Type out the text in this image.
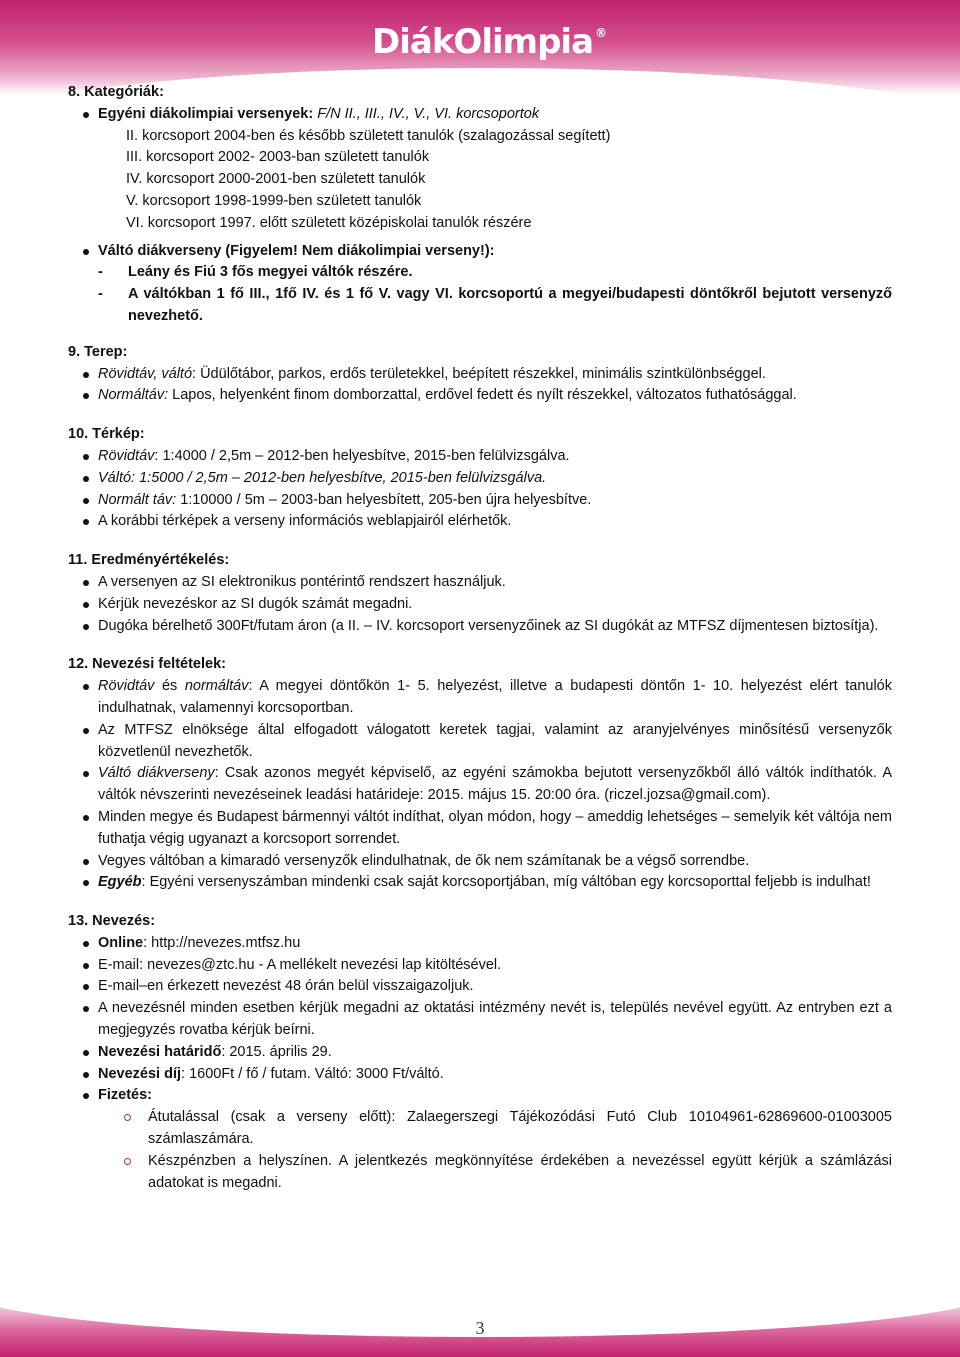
DiákOlimpia ®
8. Kategóriák:
Egyéni diákolimpiai versenyek: F/N II., III., IV., V., VI. korcsoportok
II. korcsoport 2004-ben és később született tanulók (szalagozással segített)
III. korcsoport 2002- 2003-ban született tanulók
IV. korcsoport 2000-2001-ben született tanulók
V. korcsoport 1998-1999-ben született tanulók
VI. korcsoport 1997. előtt született középiskolai tanulók részére
Váltó diákverseny (Figyelem! Nem diákolimpiai verseny!):
- Leány és Fiú 3 fős megyei váltók részére.
- A váltókban 1 fő III., 1fő IV. és 1 fő V. vagy VI. korcsoportú a megyei/budapesti döntőkről bejutott versenyző nevezhető.
9. Terep:
Rövidtáv, váltó: Üdülőtábor, parkos, erdős területekkel, beépített részekkel, minimális szintkülönbséggel.
Normáltáv: Lapos, helyenként finom domborzattal, erdővel fedett és nyílt részekkel, változatos futhatósággal.
10. Térkép:
Rövidtáv: 1:4000 / 2,5m – 2012-ben helyesbítve, 2015-ben felülvizsgálva.
Váltó: 1:5000 / 2,5m – 2012-ben helyesbítve, 2015-ben felülvizsgálva.
Normált táv: 1:10000 / 5m – 2003-ban helyesbített, 205-ben újra helyesbítve.
A korábbi térképek a verseny információs weblapjairól elérhetők.
11. Eredményértékelés:
A versenyen az SI elektronikus pontérintő rendszert használjuk.
Kérjük nevezéskor az SI dugók számát megadni.
Dugóka bérelhető 300Ft/futam áron (a II. – IV. korcsoport versenyzőinek az SI dugókát az MTFSZ díjmentesen biztosítja).
12. Nevezési feltételek:
Rövidtáv és normáltáv: A megyei döntőkön 1- 5. helyezést, illetve a budapesti döntőn 1- 10. helyezést elért tanulók indulhatnak, valamennyi korcsoportban.
Az MTFSZ elnöksége által elfogadott válogatott keretek tagjai, valamint az aranyjelvényes minősítésű versenyzők közvetlenül nevezhetők.
Váltó diákverseny: Csak azonos megyét képviselő, az egyéni számokba bejutott versenyzőkből álló váltók indíthatók. A váltók névszerinti nevezéseinek leadási határideje: 2015. május 15. 20:00 óra. (riczel.jozsa@gmail.com).
Minden megye és Budapest bármennyi váltót indíthat, olyan módon, hogy – ameddig lehetséges – semelyik két váltója nem futhatja végig ugyanazt a korcsoport sorrendet.
Vegyes váltóban a kimaradó versenyzők elindulhatnak, de ők nem számítanak be a végső sorrendbe.
Egyéb: Egyéni versenyszámban mindenki csak saját korcsoportjában, míg váltóban egy korcsoporttal feljebb is indulhat!
13. Nevezés:
Online: http://nevezes.mtfsz.hu
E-mail: nevezes@ztc.hu - A mellékelt nevezési lap kitöltésével.
E-mail–en érkezett nevezést 48 órán belül visszaigazoljuk.
A nevezésnél minden esetben kérjük megadni az oktatási intézmény nevét is, település nevével együtt. Az entryben ezt a megjegyzés rovatba kérjük beírni.
Nevezési határidő: 2015. április 29.
Nevezési díj: 1600Ft / fő / futam. Váltó: 3000 Ft/váltó.
Fizetés:
Átutalással (csak a verseny előtt): Zalaegerszegi Tájékozódási Futó Club 10104961-62869600-01003005 számlaszámára.
Készpénzben a helyszínen. A jelentkezés megkönnyítése érdekében a nevezéssel együtt kérjük a számlázási adatokat is megadni.
3
